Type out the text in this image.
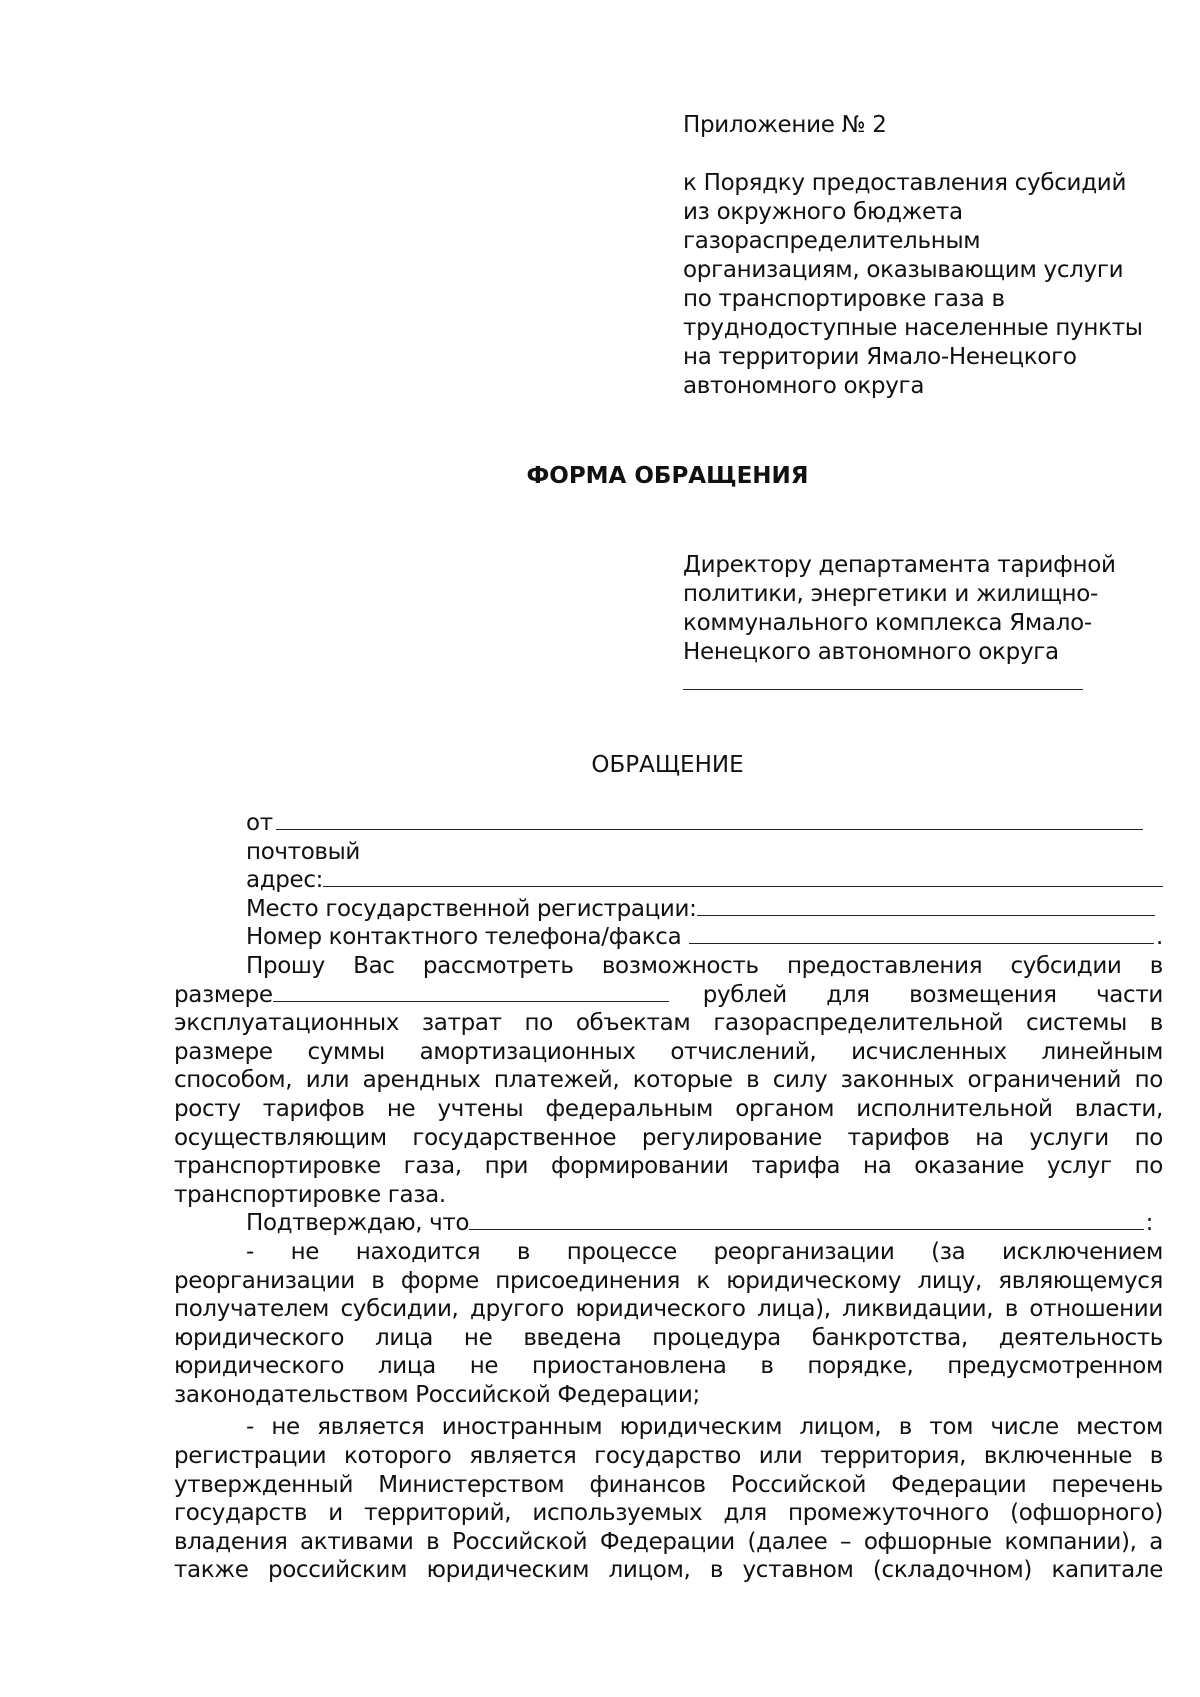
Приложение № 2
к Порядку предоставления субсидий
из окружного бюджета
газораспределительным
организациям, оказывающим услуги
по транспортировке газа в
труднодоступные населенные пункты
на территории Ямало-Ненецкого
автономного округа
ФОРМА ОБРАЩЕНИЯ
Директору департамента тарифной
политики, энергетики и жилищно-
коммунального комплекса Ямало-
Ненецкого автономного округа
ОБРАЩЕНИЕ
от
почтовый
адрес:
Место государственной регистрации:
Номер контактного телефона/факса	.
Прошу Вас рассмотреть возможность предоставления субсидии в
размере	рублей для возмещения части
эксплуатационных затрат по объектам газораспределительной системы в
размере суммы амортизационных отчислений, исчисленных линейным
способом, или арендных платежей, которые в силу законных ограничений по
росту тарифов не учтены федеральным органом исполнительной власти,
осуществляющим государственное регулирование тарифов на услуги по
транспортировке газа, при формировании тарифа на оказание услуг по
транспортировке газа.
Подтверждаю, что	:
- не находится в процессе реорганизации (за исключением
реорганизации в форме присоединения к юридическому лицу, являющемуся
получателем субсидии, другого юридического лица), ликвидации, в отношении
юридического лица не введена процедура банкротства, деятельность
юридического лица не приостановлена в порядке, предусмотренном
законодательством Российской Федерации;
- не является иностранным юридическим лицом, в том числе местом
регистрации которого является государство или территория, включенные в
утвержденный Министерством финансов Российской Федерации перечень
государств и территорий, используемых для промежуточного (офшорного)
владения активами в Российской Федерации (далее – офшорные компании), а
также российским юридическим лицом, в уставном (складочном) капитале
